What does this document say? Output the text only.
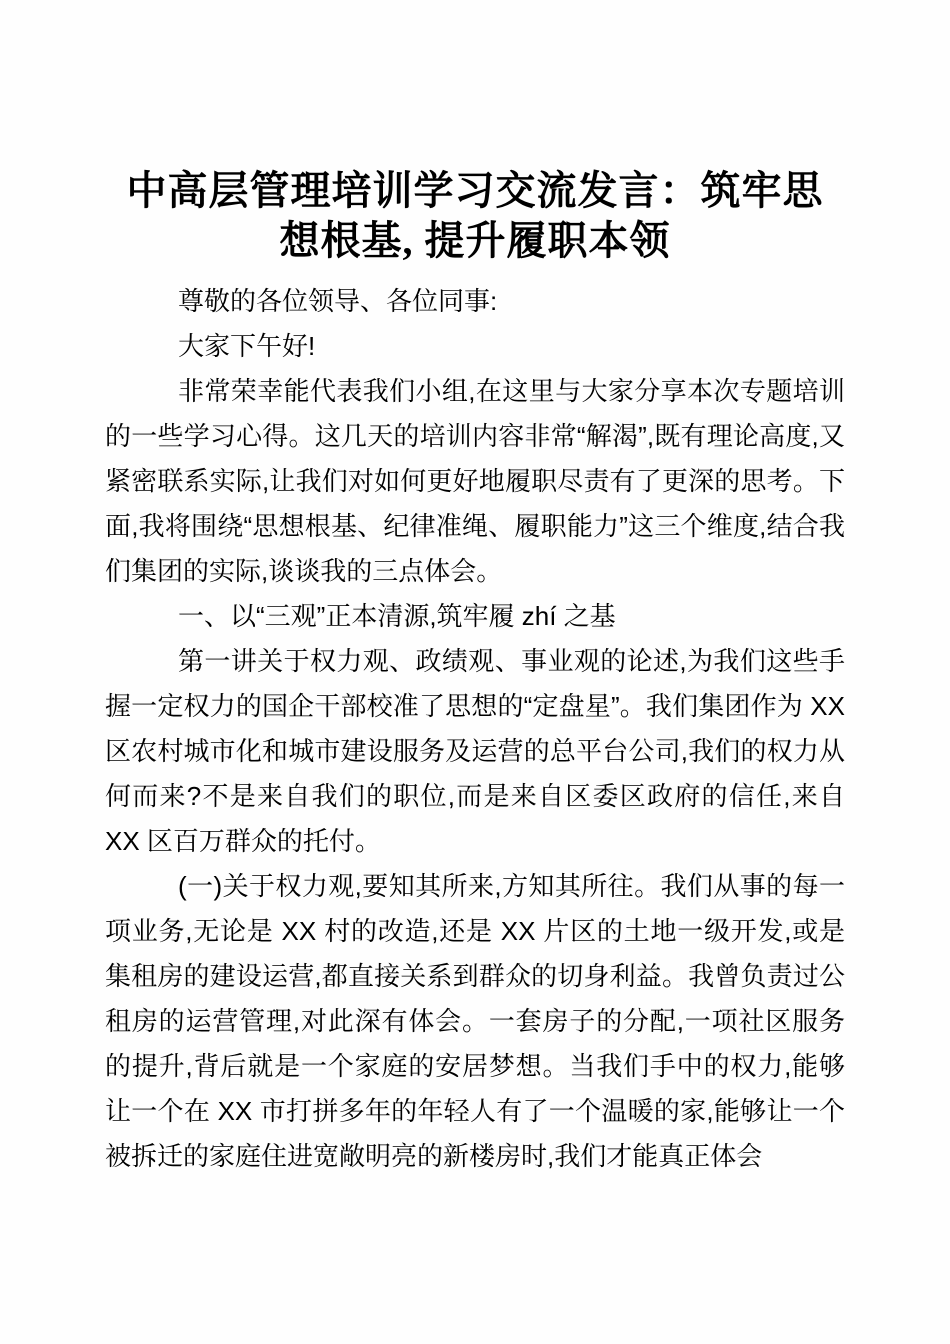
中高层管理培训学习交流发言：筑牢思
想根基, 提升履职本领

尊敬的各位领导、各位同事:

大家下午好!

非常荣幸能代表我们小组,在这里与大家分享本次专题培训的一些学习心得。这几天的培训内容非常“解渴”,既有理论高度,又紧密联系实际,让我们对如何更好地履职尽责有了更深的思考。下面,我将围绕“思想根基、纪律准绳、履职能力”这三个维度,结合我们集团的实际,谈谈我的三点体会。

一、以“三观”正本清源,筑牢履 zhí 之基

第一讲关于权力观、政绩观、事业观的论述,为我们这些手握一定权力的国企干部校准了思想的“定盘星”。我们集团作为 XX 区农村城市化和城市建设服务及运营的总平台公司,我们的权力从何而来?不是来自我们的职位,而是来自区委区政府的信任,来自 XX 区百万群众的托付。

(一)关于权力观,要知其所来,方知其所往。我们从事的每一项业务,无论是 XX 村的改造,还是 XX 片区的土地一级开发,或是集租房的建设运营,都直接关系到群众的切身利益。我曾负责过公租房的运营管理,对此深有体会。一套房子的分配,一项社区服务的提升,背后就是一个家庭的安居梦想。当我们手中的权力,能够让一个在 XX 市打拼多年的年轻人有了一个温暖的家,能够让一个被拆迁的家庭住进宽敞明亮的新楼房时,我们才能真正体会
